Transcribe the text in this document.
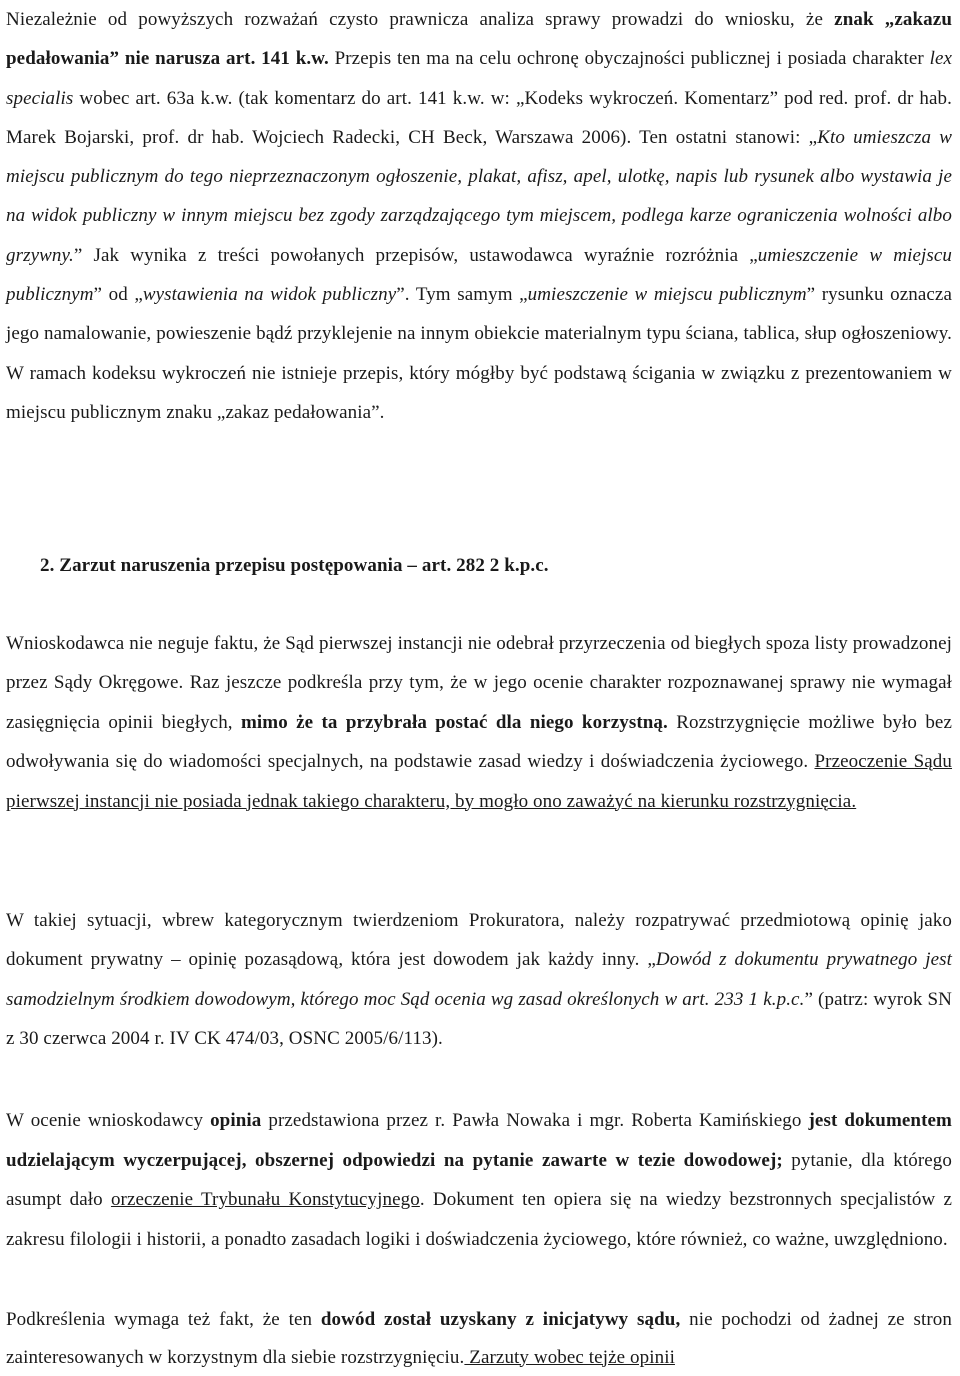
Niezależnie od powyższych rozważań czysto prawnicza analiza sprawy prowadzi do wniosku, że znak „zakazu pedałowania” nie narusza art. 141 k.w. Przepis ten ma na celu ochronę obyczajności publicznej i posiada charakter lex specialis wobec art. 63a k.w. (tak komentarz do art. 141 k.w. w: „Kodeks wykroczeń. Komentarz” pod red. prof. dr hab. Marek Bojarski, prof. dr hab. Wojciech Radecki, CH Beck, Warszawa 2006). Ten ostatni stanowi: „Kto umieszcza w miejscu publicznym do tego nieprzeznaczonym ogłoszenie, plakat, afisz, apel, ulotkę, napis lub rysunek albo wystawia je na widok publiczny w innym miejscu bez zgody zarządzającego tym miejscem, podlega karze ograniczenia wolności albo grzywny.” Jak wynika z treści powołanych przepisów, ustawodawca wyraźnie rozróżnia „umieszczenie w miejscu publicznym” od „wystawienia na widok publiczny”. Tym samym „umieszczenie w miejscu publicznym” rysunku oznacza jego namalowanie, powieszenie bądź przyklejenie na innym obiekcie materialnym typu ściana, tablica, słup ogłoszeniowy. W ramach kodeksu wykroczeń nie istnieje przepis, który mógłby być podstawą ścigania w związku z prezentowaniem w miejscu publicznym znaku „zakaz pedałowania”.

2. Zarzut naruszenia przepisu postępowania – art. 282 2 k.p.c.

Wnioskodawca nie neguje faktu, że Sąd pierwszej instancji nie odebrał przyrzeczenia od biegłych spoza listy prowadzonej przez Sądy Okręgowe. Raz jeszcze podkreśla przy tym, że w jego ocenie charakter rozpoznawanej sprawy nie wymagał zasięgnięcia opinii biegłych, mimo że ta przybrała postać dla niego korzystną. Rozstrzygnięcie możliwe było bez odwoływania się do wiadomości specjalnych, na podstawie zasad wiedzy i doświadczenia życiowego. Przeoczenie Sądu pierwszej instancji nie posiada jednak takiego charakteru, by mogło ono zaważyć na kierunku rozstrzygnięcia.

W takiej sytuacji, wbrew kategorycznym twierdzeniom Prokuratora, należy rozpatrywać przedmiotową opinię jako dokument prywatny – opinię pozasądową, która jest dowodem jak każdy inny. „Dowód z dokumentu prywatnego jest samodzielnym środkiem dowodowym, którego moc Sąd ocenia wg zasad określonych w art. 233 1 k.p.c.” (patrz: wyrok SN z 30 czerwca 2004 r. IV CK 474/03, OSNC 2005/6/113).

W ocenie wnioskodawcy opinia przedstawiona przez r. Pawła Nowaka i mgr. Roberta Kamińskiego jest dokumentem udzielającym wyczerpującej, obszernej odpowiedzi na pytanie zawarte w tezie dowodowej; pytanie, dla którego asumpt dało orzeczenie Trybunału Konstytucyjnego. Dokument ten opiera się na wiedzy bezstronnych specjalistów z zakresu filologii i historii, a ponadto zasadach logiki i doświadczenia życiowego, które również, co ważne, uwzględniono.

Podkreślenia wymaga też fakt, że ten dowód został uzyskany z inicjatywy sądu, nie pochodzi od żadnej ze stron zainteresowanych w korzystnym dla siebie rozstrzygnięciu. Zarzuty wobec tejże opinii
